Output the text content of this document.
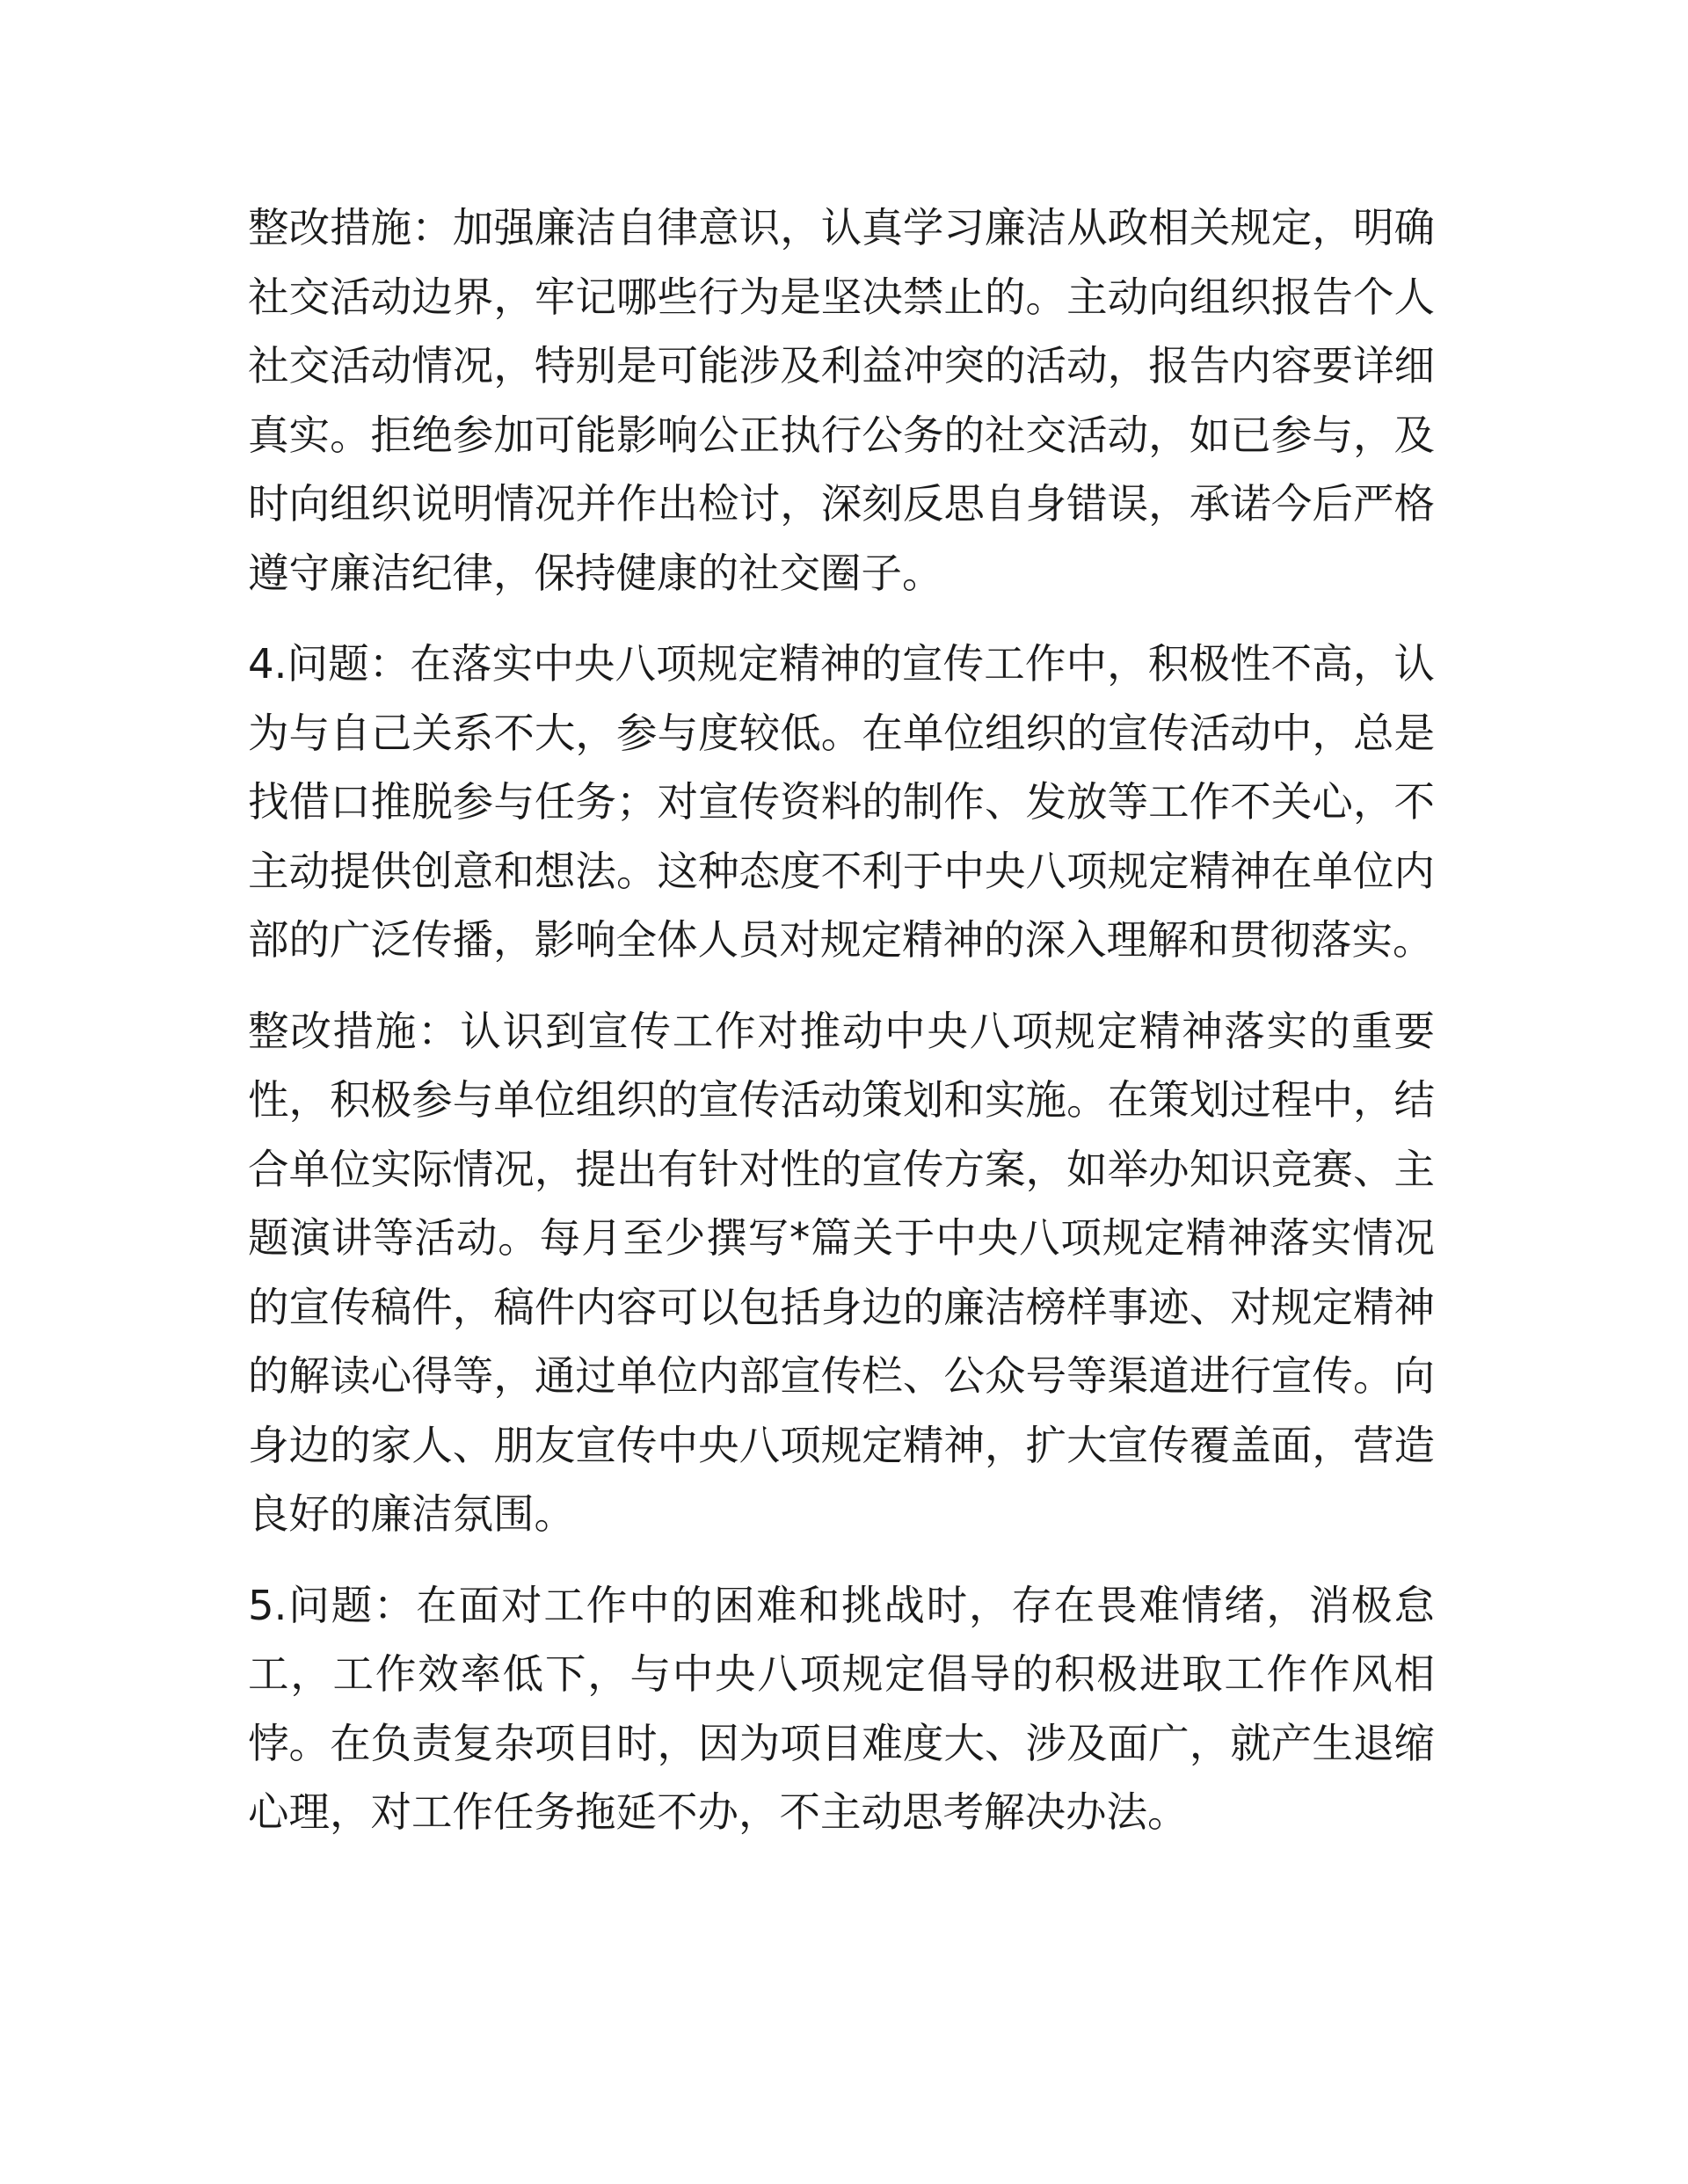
整改措施：加强廉洁自律意识，认真学习廉洁从政相关规定，明确社交活动边界，牢记哪些行为是坚决禁止的。主动向组织报告个人社交活动情况，特别是可能涉及利益冲突的活动，报告内容要详细真实。拒绝参加可能影响公正执行公务的社交活动，如已参与，及时向组织说明情况并作出检讨，深刻反思自身错误，承诺今后严格遵守廉洁纪律，保持健康的社交圈子。

4.问题：在落实中央八项规定精神的宣传工作中，积极性不高，认为与自己关系不大，参与度较低。在单位组织的宣传活动中，总是找借口推脱参与任务；对宣传资料的制作、发放等工作不关心，不主动提供创意和想法。这种态度不利于中央八项规定精神在单位内部的广泛传播，影响全体人员对规定精神的深入理解和贯彻落实。

整改措施：认识到宣传工作对推动中央八项规定精神落实的重要性，积极参与单位组织的宣传活动策划和实施。在策划过程中，结合单位实际情况，提出有针对性的宣传方案，如举办知识竞赛、主题演讲等活动。每月至少撰写*篇关于中央八项规定精神落实情况的宣传稿件，稿件内容可以包括身边的廉洁榜样事迹、对规定精神的解读心得等，通过单位内部宣传栏、公众号等渠道进行宣传。向身边的家人、朋友宣传中央八项规定精神，扩大宣传覆盖面，营造良好的廉洁氛围。

5.问题：在面对工作中的困难和挑战时，存在畏难情绪，消极怠工，工作效率低下，与中央八项规定倡导的积极进取工作作风相悖。在负责复杂项目时，因为项目难度大、涉及面广，就产生退缩心理，对工作任务拖延不办，不主动思考解决办法。
